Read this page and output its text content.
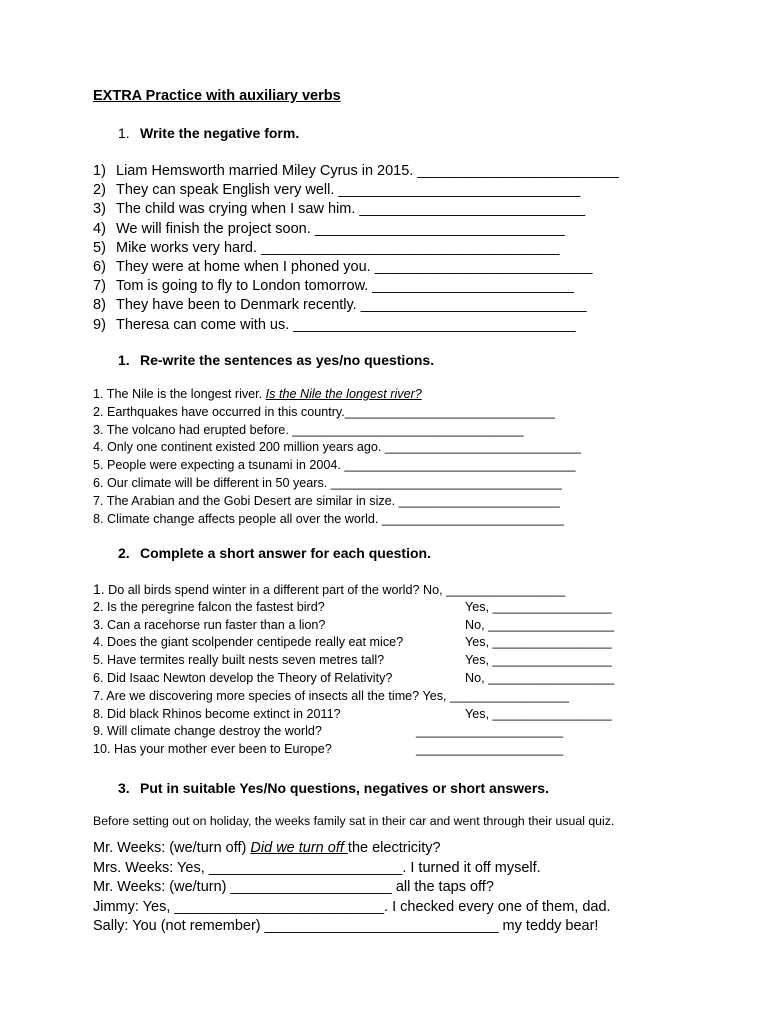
EXTRA Practice with auxiliary verbs
1. Write the negative form.
1) Liam Hemsworth married Miley Cyrus in 2015. _________________________
2) They can speak English very well. ______________________________
3) The child was crying when I saw him. ____________________________
4) We will finish the project soon. _______________________________
5) Mike works very hard. _____________________________________
6) They were at home when I phoned you. ___________________________
7) Tom is going to fly to London tomorrow. _________________________
8) They have been to Denmark recently. ____________________________
9) Theresa can come with us. ___________________________________
1. Re-write the sentences as yes/no questions.
1. The Nile is the longest river. Is the Nile the longest river?
2. Earthquakes have occurred in this country.______________________________
3. The volcano had erupted before. _________________________________
4. Only one continent existed 200 million years ago. ____________________________
5. People were expecting a tsunami in 2004. _________________________________
6. Our climate will be different in 50 years. _________________________________
7. The Arabian and the Gobi Desert are similar in size. _______________________
8. Climate change affects people all over the world. __________________________
2. Complete a short answer for each question.
1. Do all birds spend winter in a different part of the world? No, _________________
2. Is the peregrine falcon the fastest bird?	Yes, _________________
3. Can a racehorse run faster than a lion?	No, __________________
4. Does the giant scolpender centipede really eat mice?	Yes, _________________
5. Have termites really built nests seven metres tall?	Yes, _________________
6. Did Isaac Newton develop the Theory of Relativity?	No, __________________
7. Are we discovering more species of insects all the time? Yes, _________________
8. Did black Rhinos become extinct in 2011?	Yes, _________________
9. Will climate change destroy the world?	_____________________
10. Has your mother ever been to Europe?	_____________________
3. Put in suitable Yes/No questions, negatives or short answers.
Before setting out on holiday, the weeks family sat in their car and went through their usual quiz.
Mr. Weeks: (we/turn off) Did we turn off the electricity?
Mrs. Weeks: Yes, ________________________. I turned it off myself.
Mr. Weeks: (we/turn) ____________________ all the taps off?
Jimmy: Yes, __________________________. I checked every one of them, dad.
Sally: You (not remember) _____________________________ my teddy bear!
